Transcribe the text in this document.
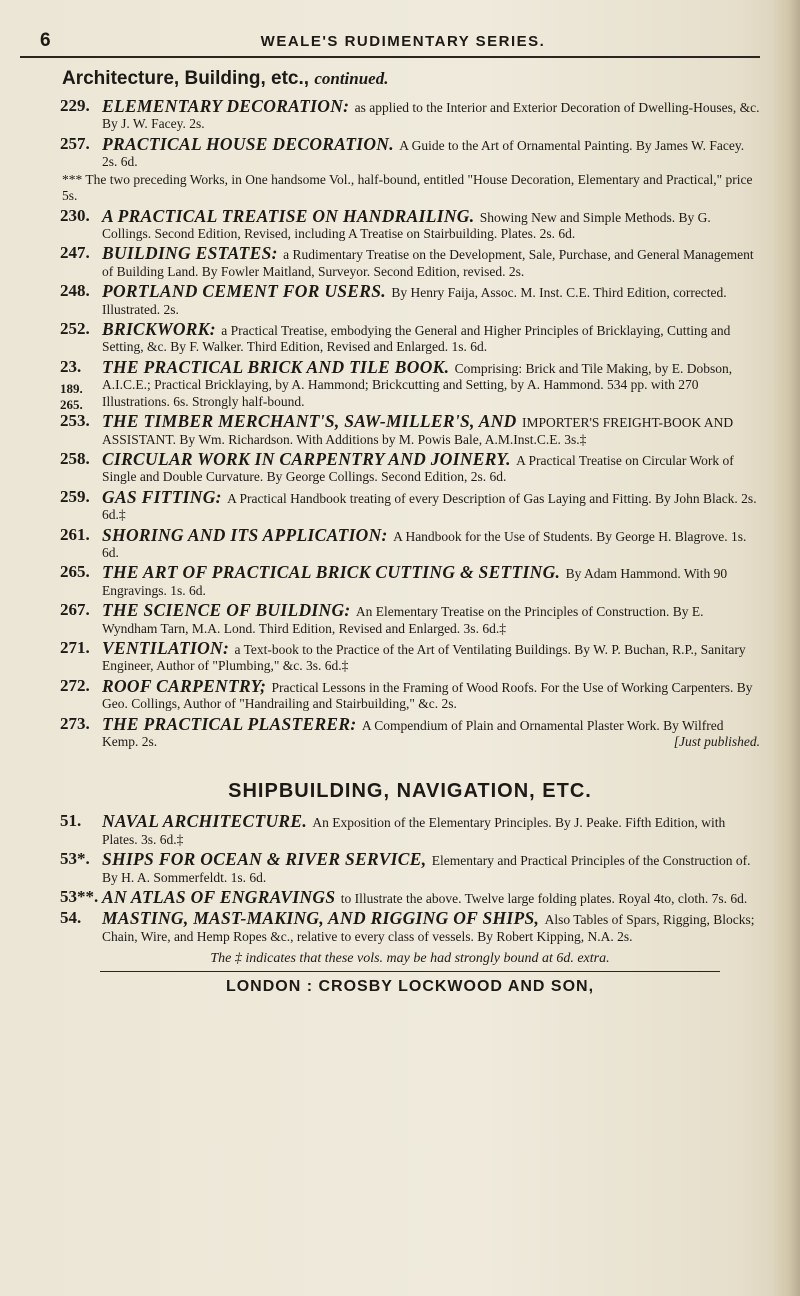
6	WEALE'S RUDIMENTARY SERIES.
Architecture, Building, etc., continued.
229. ELEMENTARY DECORATION: as applied to the Interior and Exterior Decoration of Dwelling-Houses, &c. By J. W. Facey. 2s.
257. PRACTICAL HOUSE DECORATION. A Guide to the Art of Ornamental Painting. By James W. Facey. 2s. 6d.
*** The two preceding Works, in One handsome Vol., half-bound, entitled "House Decoration, Elementary and Practical," price 5s.
230. A PRACTICAL TREATISE ON HANDRAILING. Showing New and Simple Methods. By G. Collings. Second Edition, Revised, including A Treatise on Stairbuilding. Plates. 2s. 6d.
247. BUILDING ESTATES: a Rudimentary Treatise on the Development, Sale, Purchase, and General Management of Building Land. By Fowler Maitland, Surveyor. Second Edition, revised. 2s.
248. PORTLAND CEMENT FOR USERS. By Henry Faija, Assoc. M. Inst. C.E. Third Edition, corrected. Illustrated. 2s.
252. BRICKWORK: a Practical Treatise, embodying the General and Higher Principles of Bricklaying, Cutting and Setting, &c. By F. Walker. Third Edition, Revised and Enlarged. 1s. 6d.
23.	THE PRACTICAL BRICK AND TILE BOOK. Comprising: Brick and Tile Making, by E. Dobson, A.I.C.E.; Practical Bricklaying, by A. Hammond; Brickcutting and Setting, by A. Hammond. 534 pp. with 270 Illustrations. 6s. Strongly half-bound.
189.
265.
253. THE TIMBER MERCHANT'S, SAW-MILLER'S, AND IMPORTER'S FREIGHT-BOOK AND ASSISTANT. By Wm. Richardson. With Additions by M. Powis Bale, A.M.Inst.C.E. 3s.‡
258. CIRCULAR WORK IN CARPENTRY AND JOINERY. A Practical Treatise on Circular Work of Single and Double Curvature. By George Collings. Second Edition, 2s. 6d.
259. GAS FITTING: A Practical Handbook treating of every Description of Gas Laying and Fitting. By John Black. 2s. 6d.‡
261. SHORING AND ITS APPLICATION: A Handbook for the Use of Students. By George H. Blagrove. 1s. 6d.
265. THE ART OF PRACTICAL BRICK CUTTING & SETTING. By Adam Hammond. With 90 Engravings. 1s. 6d.
267. THE SCIENCE OF BUILDING: An Elementary Treatise on the Principles of Construction. By E. Wyndham Tarn, M.A. Lond. Third Edition, Revised and Enlarged. 3s. 6d.‡
271. VENTILATION: a Text-book to the Practice of the Art of Ventilating Buildings. By W. P. Buchan, R.P., Sanitary Engineer, Author of "Plumbing," &c. 3s. 6d.‡
272. ROOF CARPENTRY; Practical Lessons in the Framing of Wood Roofs. For the Use of Working Carpenters. By Geo. Collings, Author of "Handrailing and Stairbuilding," &c. 2s.
273. THE PRACTICAL PLASTERER: A Compendium of Plain and Ornamental Plaster Work. By Wilfred Kemp. 2s.	[Just published.
SHIPBUILDING, NAVIGATION, ETC.
51.	NAVAL ARCHITECTURE. An Exposition of the Elementary Principles. By J. Peake. Fifth Edition, with Plates. 3s. 6d.‡
53*. SHIPS FOR OCEAN & RIVER SERVICE, Elementary and Practical Principles of the Construction of. By H. A. Sommerfeldt. 1s. 6d.
53**. AN ATLAS OF ENGRAVINGS to Illustrate the above. Twelve large folding plates. Royal 4to, cloth. 7s. 6d.
54.	MASTING, MAST-MAKING, AND RIGGING OF SHIPS, Also Tables of Spars, Rigging, Blocks; Chain, Wire, and Hemp Ropes &c., relative to every class of vessels. By Robert Kipping, N.A. 2s.
The ‡ indicates that these vols. may be had strongly bound at 6d. extra.
LONDON : CROSBY LOCKWOOD AND SON,
